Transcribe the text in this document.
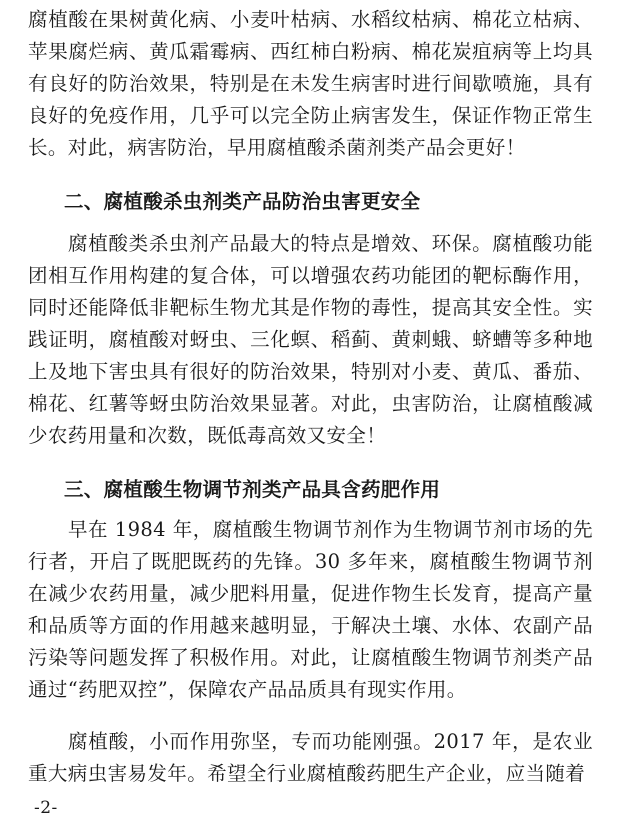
腐植酸在果树黄化病、小麦叶枯病、水稻纹枯病、棉花立枯病、苹果腐烂病、黄瓜霜霉病、西红柿白粉病、棉花炭疽病等上均具有良好的防治效果，特别是在未发生病害时进行间歇喷施，具有良好的免疫作用，几乎可以完全防止病害发生，保证作物正常生长。对此，病害防治，早用腐植酸杀菌剂类产品会更好！

二、腐植酸杀虫剂类产品防治虫害更安全

腐植酸类杀虫剂产品最大的特点是增效、环保。腐植酸功能团相互作用构建的复合体，可以增强农药功能团的靶标酶作用，同时还能降低非靶标生物尤其是作物的毒性，提高其安全性。实践证明，腐植酸对蚜虫、三化螟、稻蓟、黄刺蛾、蛴螬等多种地上及地下害虫具有很好的防治效果，特别对小麦、黄瓜、番茄、棉花、红薯等蚜虫防治效果显著。对此，虫害防治，让腐植酸减少农药用量和次数，既低毒高效又安全！

三、腐植酸生物调节剂类产品具含药肥作用

早在 1984 年，腐植酸生物调节剂作为生物调节剂市场的先行者，开启了既肥既药的先锋。30 多年来，腐植酸生物调节剂在减少农药用量，减少肥料用量，促进作物生长发育，提高产量和品质等方面的作用越来越明显，于解决土壤、水体、农副产品污染等问题发挥了积极作用。对此，让腐植酸生物调节剂类产品通过“药肥双控”，保障农产品品质具有现实作用。

腐植酸，小而作用弥坚，专而功能刚强。2017 年，是农业重大病虫害易发年。希望全行业腐植酸药肥生产企业，应当随着

-2-
